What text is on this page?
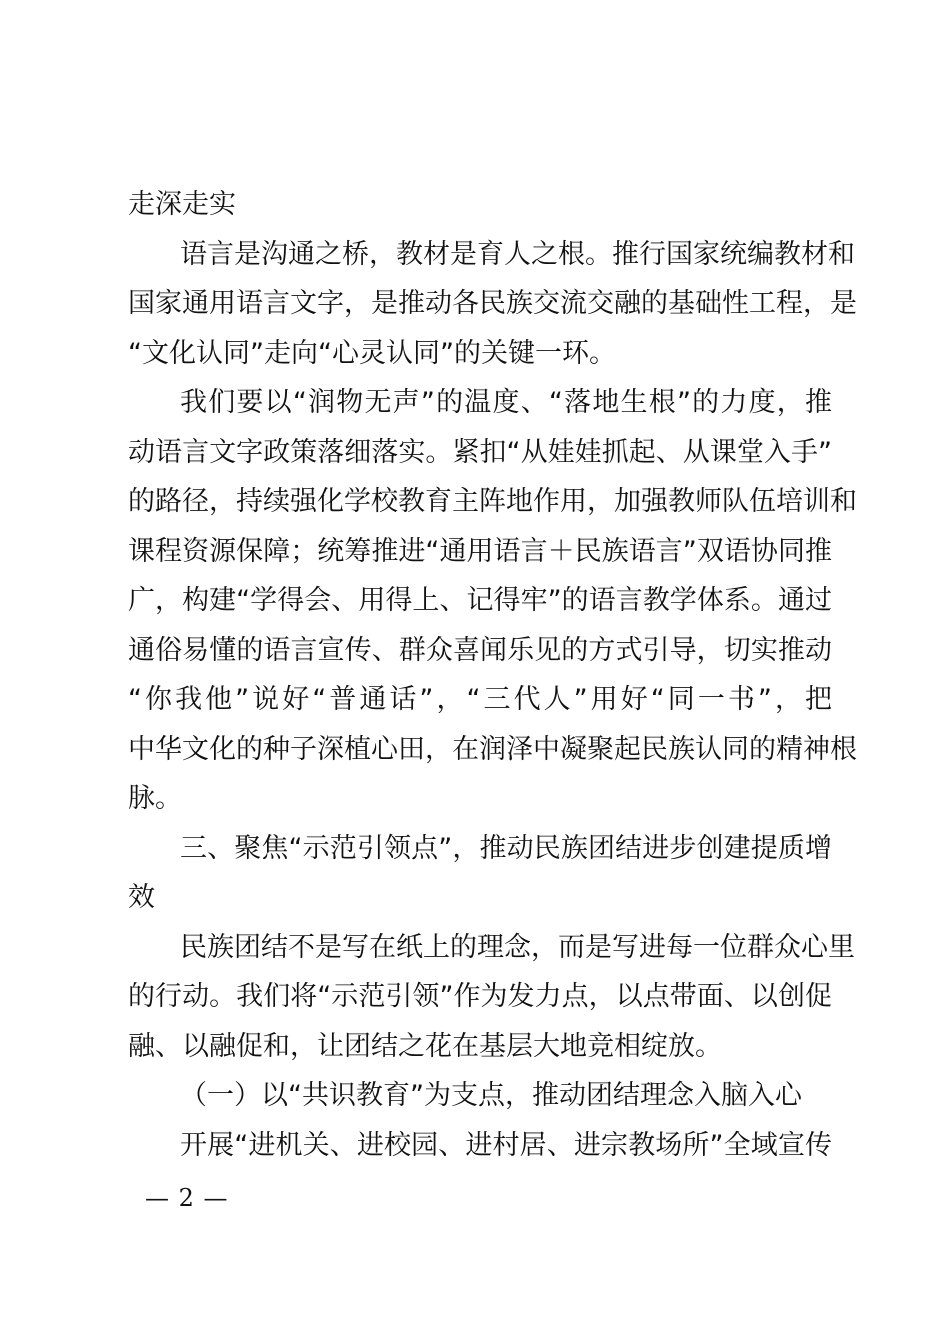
走深走实
语言是沟通之桥，教材是育人之根。推行国家统编教材和
国家通用语言文字，是推动各民族交流交融的基础性工程，是
“文化认同”走向“心灵认同”的关键一环。
我们要以“润物无声”的温度、“落地生根”的力度，推
动语言文字政策落细落实。紧扣“从娃娃抓起、从课堂入手”
的路径，持续强化学校教育主阵地作用，加强教师队伍培训和
课程资源保障；统筹推进“通用语言＋民族语言”双语协同推
广，构建“学得会、用得上、记得牢”的语言教学体系。通过
通俗易懂的语言宣传、群众喜闻乐见的方式引导，切实推动
“你我他”说好“普通话”，“三代人”用好“同一书”，把
中华文化的种子深植心田，在润泽中凝聚起民族认同的精神根
脉。
三、聚焦“示范引领点”，推动民族团结进步创建提质增
效
民族团结不是写在纸上的理念，而是写进每一位群众心里
的行动。我们将“示范引领”作为发力点，以点带面、以创促
融、以融促和，让团结之花在基层大地竞相绽放。
（一）以“共识教育”为支点，推动团结理念入脑入心
开展“进机关、进校园、进村居、进宗教场所”全域宣传
— 2 —
